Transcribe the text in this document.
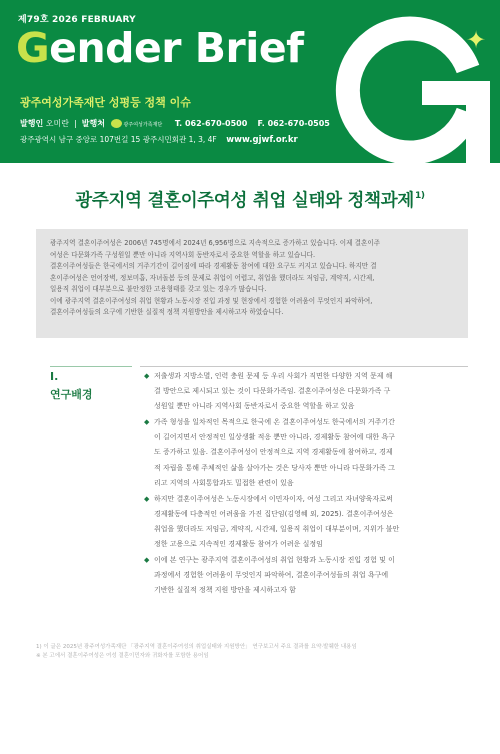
제79호 2026 FEBRUARY
Gender Brief
광주여성가족재단 성평등 정책 이슈
발행인 오미란  |  발행처	광주여성가족재단 T. 062-670-0500 F. 062-670-0505
광주광역시 남구 중앙로 107번길 15 광주시민회관 1, 3, 4F www.gjwf.or.kr
✦
광주지역 결혼이주여성 취업 실태와 정책과제$^{1)}$

광주지역 결혼이주여성은 2006년 745명에서 2024년 6,956명으로 지속적으로 증가하고 있습니다. 이제 결혼이주

여성은 다문화가족 구성원일 뿐만 아니라 지역사회 동반자로서 중요한 역할을 하고 있습니다.

결혼이주여성들은 한국에서의 거주기간이 길어짐에 따라 경제활동 참여에 대한 요구도 커지고 있습니다. 하지만 결

혼이주여성은 언어장벽, 정보미흡, 자녀돌봄 등의 문제로 취업이 어렵고, 취업을 했더라도 저임금, 계약직, 시간제,

일용직 취업이 대부분으로 불안정한 고용형태를 갖고 있는 경우가 많습니다.

이에 광주지역 결혼이주여성의 취업 현황과 노동시장 진입 과정 및 현장에서 경험한 어려움이 무엇인지 파악하여,

결혼이주여성들의 요구에 기반한 실질적 정책 지원방안을 제시하고자 하였습니다.

I.
연구배경
◆ 저출생과 지방소멸, 인력 충원 문제 등 우리 사회가 직면한 다양한 지역 문제 해
결 방안으로 제시되고 있는 것이 다문화가족임. 결혼이주여성은 다문화가족 구
성원일 뿐만 아니라 지역사회 동반자로서 중요한 역할을 하고 있음
◆ 가족 형성을 일차적인 목적으로 한국에 온 결혼이주여성도 한국에서의 거주기간
이 길어지면서 안정적인 일상생활 적응 뿐만 아니라, 경제활동 참여에 대한 욕구
도 증가하고 있음. 결혼이주여성이 안정적으로 지역 경제활동에 참여하고, 경제
적 자립을 통해 주체적인 삶을 살아가는 것은 당사자 뿐만 아니라 다문화가족 그
리고 지역의 사회통합과도 밀접한 관련이 있음
◆ 하지만 결혼이주여성은 노동시장에서 이민자이자, 여성 그리고 자녀양육자로써
경제활동에 다층적인 어려움을 가진 집단임(김영혜 외, 2025). 결혼이주여성은
취업을 했더라도 저임금, 계약직, 시간제, 일용직 취업이 대부분이며, 지위가 불안
정한 고용으로 지속적인 경제활동 참여가 어려운 실정임
◆ 이에 본 연구는 광주지역 결혼이주여성의 취업 현황과 노동시장 진입 경험 및 이
과정에서 경험한 어려움이 무엇인지 파악하여, 결혼이주여성들의 취업 욕구에
기반한 실질적 정책 지원 방안을 제시하고자 함
1) 이 글은 2025년 광주여성가족재단 「광주지역 결혼이주여성의 취업실태와 지원방안」 연구보고서 주요 결과를 요약·발췌한 내용임
※ 본 고에서 결혼이주여성은 여성 결혼이민자와 귀화자를 포함한 용어임
